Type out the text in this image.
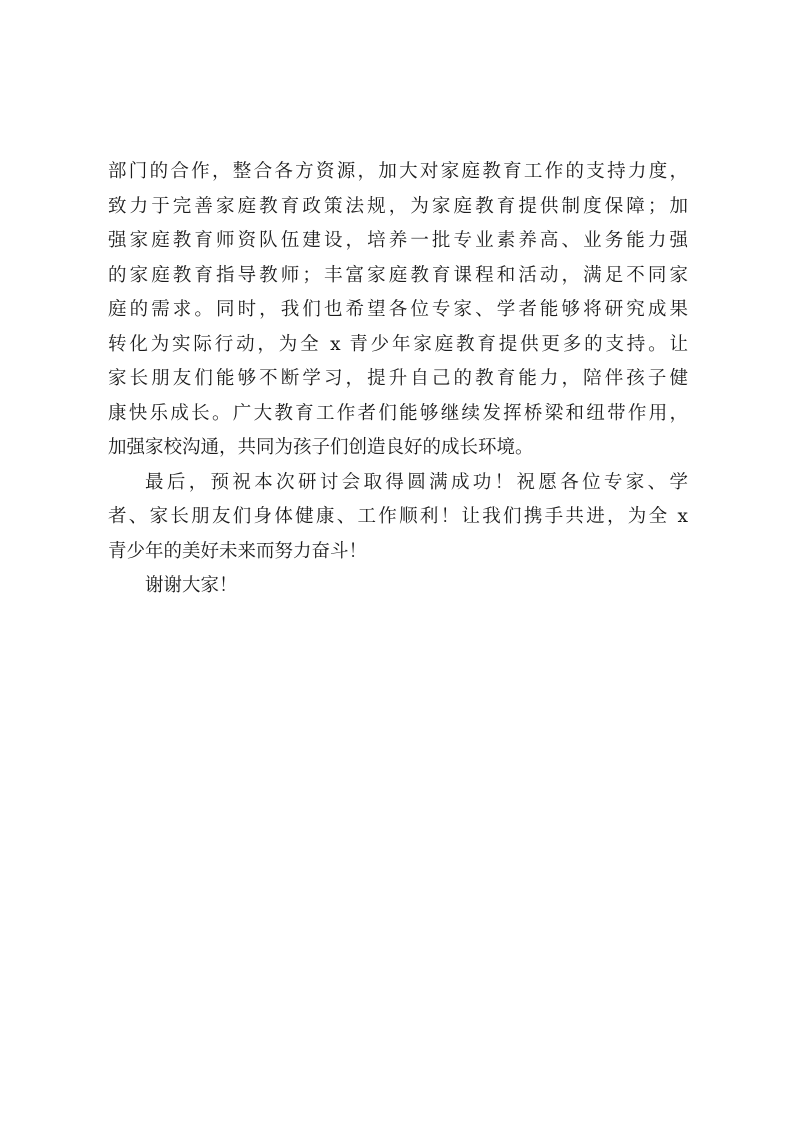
部门的合作，整合各方资源，加大对家庭教育工作的支持力度，
致力于完善家庭教育政策法规，为家庭教育提供制度保障；加
强家庭教育师资队伍建设，培养一批专业素养高、业务能力强
的家庭教育指导教师；丰富家庭教育课程和活动，满足不同家
庭的需求。同时，我们也希望各位专家、学者能够将研究成果
转化为实际行动，为全 x 青少年家庭教育提供更多的支持。让
家长朋友们能够不断学习，提升自己的教育能力，陪伴孩子健
康快乐成长。广大教育工作者们能够继续发挥桥梁和纽带作用，
加强家校沟通，共同为孩子们创造良好的成长环境。
最后，预祝本次研讨会取得圆满成功！祝愿各位专家、学
者、家长朋友们身体健康、工作顺利！让我们携手共进，为全 x
青少年的美好未来而努力奋斗！
谢谢大家！
